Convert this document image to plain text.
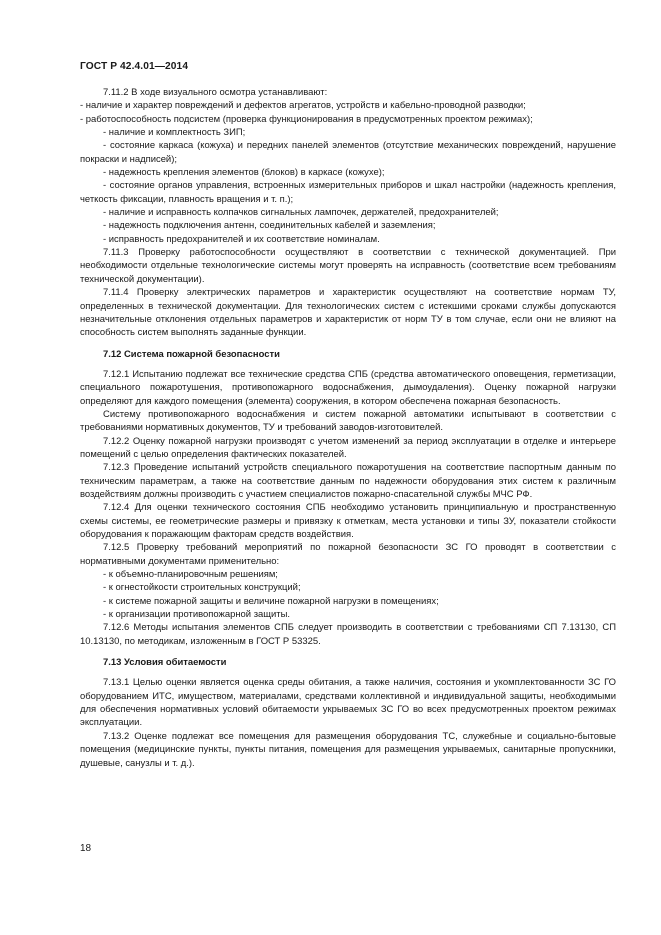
ГОСТ Р 42.4.01—2014

7.11.2 В ходе визуального осмотра устанавливают:

- наличие и характер повреждений и дефектов агрегатов, устройств и кабельно-проводной разводки;

- работоспособность подсистем (проверка функционирования в предусмотренных проектом режимах);

- наличие и комплектность ЗИП;

- состояние каркаса (кожуха) и передних панелей элементов (отсутствие механических повреждений, нарушение покраски и надписей);

- надежность крепления элементов (блоков) в каркасе (кожухе);

- состояние органов управления, встроенных измерительных приборов и шкал настройки (надежность крепления, четкость фиксации, плавность вращения и т. п.);

- наличие и исправность колпачков сигнальных лампочек, держателей, предохранителей;

- надежность подключения антенн, соединительных кабелей и заземления;

- исправность предохранителей и их соответствие номиналам.

7.11.3 Проверку работоспособности осуществляют в соответствии с технической документацией. При необходимости отдельные технологические системы могут проверять на исправность (соответствие всем требованиям технической документации).

7.11.4 Проверку электрических параметров и характеристик осуществляют на соответствие нормам ТУ, определенных в технической документации. Для технологических систем с истекшими сроками службы допускаются незначительные отклонения отдельных параметров и характеристик от норм ТУ в том случае, если они не влияют на способность систем выполнять заданные функции.

7.12 Система пожарной безопасности

7.12.1 Испытанию подлежат все технические средства СПБ (средства автоматического оповещения, герметизации, специального пожаротушения, противопожарного водоснабжения, дымоудаления). Оценку пожарной нагрузки определяют для каждого помещения (элемента) сооружения, в котором обеспечена пожарная безопасность.

Систему противопожарного водоснабжения и систем пожарной автоматики испытывают в соответствии с требованиями нормативных документов, ТУ и требований заводов-изготовителей.

7.12.2 Оценку пожарной нагрузки производят с учетом изменений за период эксплуатации в отделке и интерьере помещений с целью определения фактических показателей.

7.12.3 Проведение испытаний устройств специального пожаротушения на соответствие паспортным данным по техническим параметрам, а также на соответствие данным по надежности оборудования этих систем к различным воздействиям должны производить с участием специалистов пожарно-спасательной службы МЧС РФ.

7.12.4 Для оценки технического состояния СПБ необходимо установить принципиальную и пространственную схемы системы, ее геометрические размеры и привязку к отметкам, места установки и типы ЗУ, показатели стойкости оборудования к поражающим факторам средств воздействия.

7.12.5 Проверку требований мероприятий по пожарной безопасности ЗС ГО проводят в соответствии с нормативными документами применительно:

- к объемно-планировочным решениям;

- к огнестойкости строительных конструкций;

- к системе пожарной защиты и величине пожарной нагрузки в помещениях;

- к организации противопожарной защиты.

7.12.6 Методы испытания элементов СПБ следует производить в соответствии с требованиями СП 7.13130, СП 10.13130, по методикам, изложенным в ГОСТ Р 53325.

7.13 Условия обитаемости

7.13.1 Целью оценки является оценка среды обитания, а также наличия, состояния и укомплектованности ЗС ГО оборудованием ИТС, имуществом, материалами, средствами коллективной и индивидуальной защиты, необходимыми для обеспечения нормативных условий обитаемости укрываемых ЗС ГО во всех предусмотренных проектом режимах эксплуатации.

7.13.2 Оценке подлежат все помещения для размещения оборудования ТС, служебные и социально-бытовые помещения (медицинские пункты, пункты питания, помещения для размещения укрываемых, санитарные пропускники, душевые, санузлы и т. д.).

18
